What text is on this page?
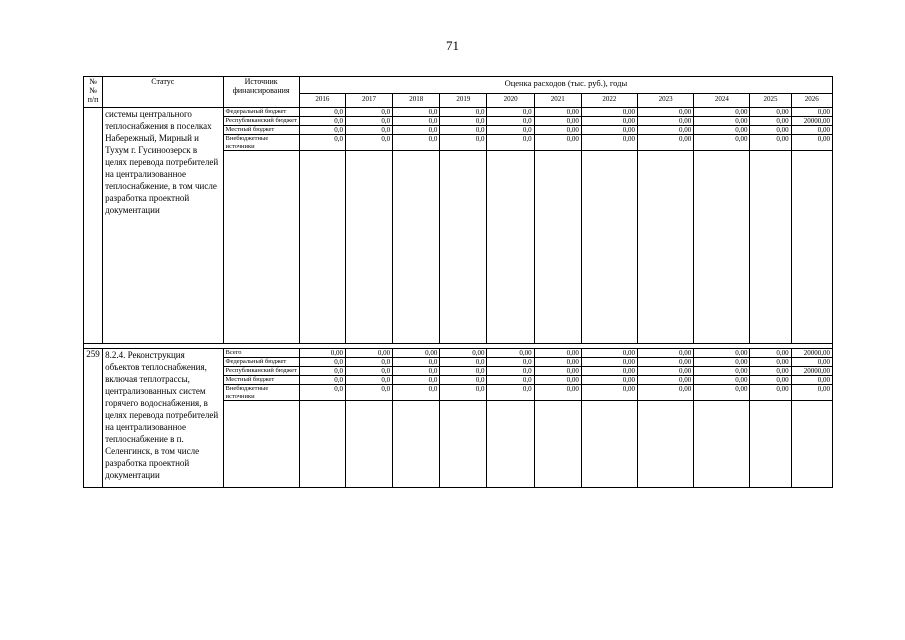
71
№
№
п/п	Статус	Источник финансирования	Оценка расходов (тыс. руб.), годы										
			2016	2017	2018	2019	2020	2021	2022	2023	2024	2025	2026
	системы центрального теплоснабжения в поселках Набережный, Мирный и Тухум г. Гусиноозерск в целях перевода потребителей на централизованное теплоснабжение, в том числе разработка проектной документации	Федеральный бюджет	0,0	0,0	0,0	0,0	0,0	0,00	0,00	0,00	0,00	0,00	0,00
		Республиканский бюджет	0,0	0,0	0,0	0,0	0,0	0,00	0,00	0,00	0,00	0,00	20000,00
		Местный бюджет	0,0	0,0	0,0	0,0	0,0	0,00	0,00	0,00	0,00	0,00	0,00
		Внебюджетные источники	0,0	0,0	0,0	0,0	0,0	0,00	0,00	0,00	0,00	0,00	0,00

259	8.2.4. Реконструкция объектов теплоснабжения, включая теплотрассы, централизованных систем горячего водоснабжения, в целях перевода потребителей на централизованное теплоснабжение в п. Селенгинск, в том числе разработка проектной документации	Всего	0,00	0,00	0,00	0,00	0,00	0,00	0,00	0,00	0,00	0,00	20000,00
		Федеральный бюджет	0,0	0,0	0,0	0,0	0,0	0,00	0,00	0,00	0,00	0,00	0,00
		Республиканский бюджет	0,0	0,0	0,0	0,0	0,0	0,00	0,00	0,00	0,00	0,00	20000,00
		Местный бюджет	0,0	0,0	0,0	0,0	0,0	0,00	0,00	0,00	0,00	0,00	0,00
		Внебюджетные источники	0,0	0,0	0,0	0,0	0,0	0,00	0,00	0,00	0,00	0,00	0,00
